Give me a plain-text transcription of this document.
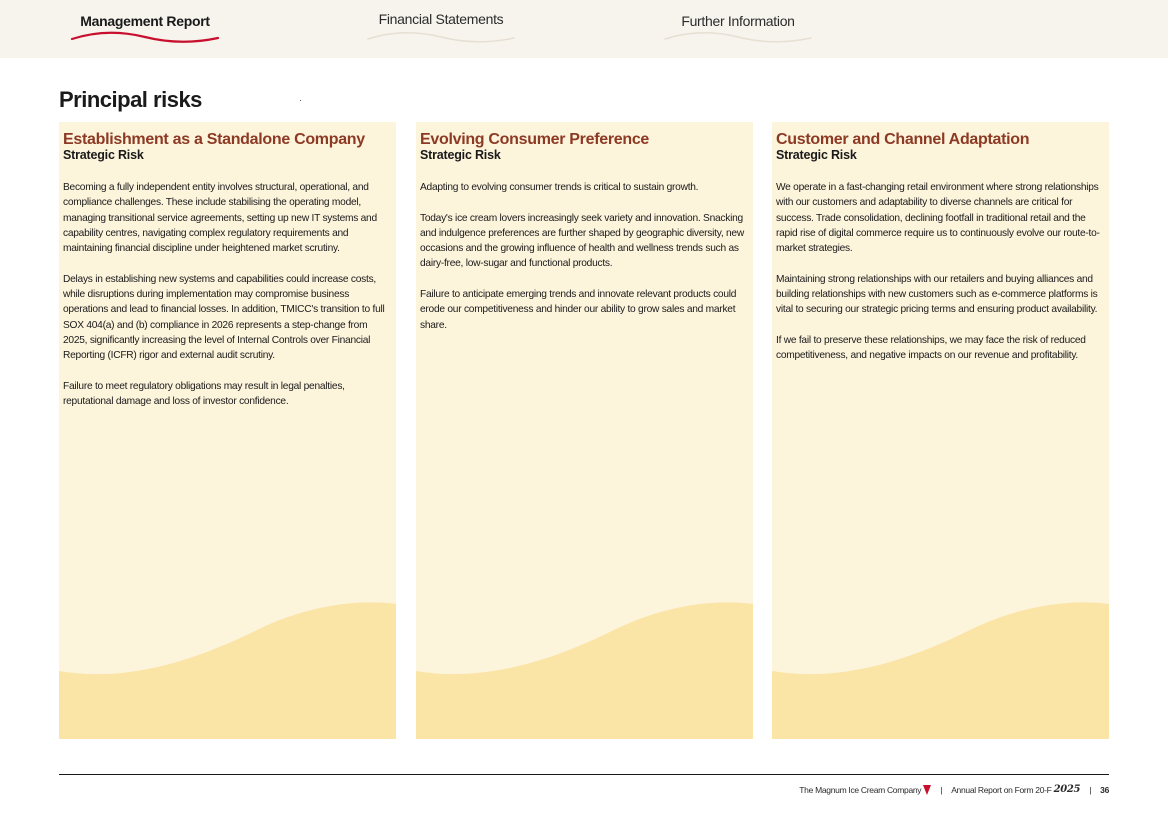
Management Report	Financial Statements	Further Information
Principal risks
Establishment as a Standalone Company
Strategic Risk

Becoming a fully independent entity involves structural, operational, and compliance challenges. These include stabilising the operating model, managing transitional service agreements, setting up new IT systems and capability centres, navigating complex regulatory requirements and maintaining financial discipline under heightened market scrutiny.

Delays in establishing new systems and capabilities could increase costs, while disruptions during implementation may compromise business operations and lead to financial losses. In addition, TMICC's transition to full SOX 404(a) and (b) compliance in 2026 represents a step-change from 2025, significantly increasing the level of Internal Controls over Financial Reporting (ICFR) rigor and external audit scrutiny.

Failure to meet regulatory obligations may result in legal penalties, reputational damage and loss of investor confidence.

Evolving Consumer Preference
Strategic Risk

Adapting to evolving consumer trends is critical to sustain growth.

Today's ice cream lovers increasingly seek variety and innovation. Snacking and indulgence preferences are further shaped by geographic diversity, new occasions and the growing influence of health and wellness trends such as dairy-free, low-sugar and functional products.

Failure to anticipate emerging trends and innovate relevant products could erode our competitiveness and hinder our ability to grow sales and market share.

Customer and Channel Adaptation
Strategic Risk

We operate in a fast-changing retail environment where strong relationships with our customers and adaptability to diverse channels are critical for success. Trade consolidation, declining footfall in traditional retail and the rapid rise of digital commerce require us to continuously evolve our route-to-market strategies.

Maintaining strong relationships with our retailers and buying alliances and building relationships with new customers such as e-commerce platforms is vital to securing our strategic pricing terms and ensuring product availability.

If we fail to preserve these relationships, we may face the risk of reduced competitiveness, and negative impacts on our revenue and profitability.

The Magnum Ice Cream Company | Annual Report on Form 20-F 2025 | 36
